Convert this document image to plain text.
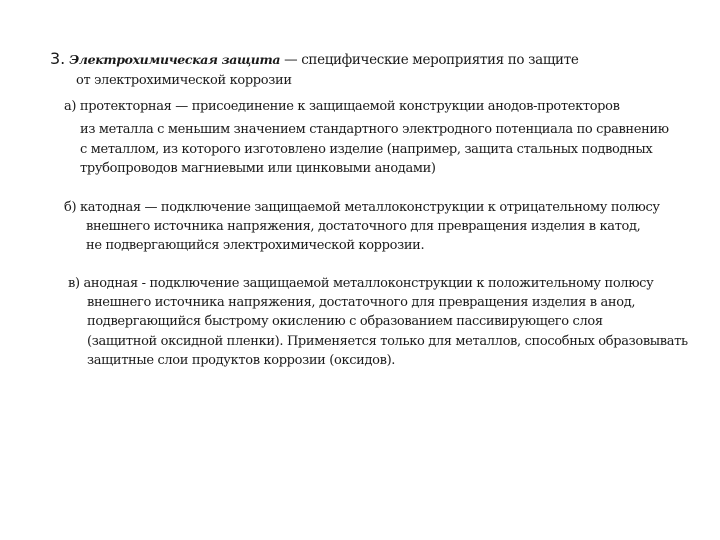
3. Электрохимическая защита — специфические мероприятия по защите
от электрохимической коррозии
а) протекторная — присоединение к защищаемой конструкции анодов-протекторов
из металла с меньшим значением стандартного электродного потенциала по сравнению
с металлом, из которого изготовлено изделие (например, защита стальных подводных
трубопроводов магниевыми или цинковыми анодами)
б) катодная — подключение защищаемой металлоконструкции к отрицательному полюсу
внешнего источника напряжения, достаточного для превращения изделия в катод,
не подвергающийся электрохимической коррозии.
в) анодная - подключение защищаемой металлоконструкции к положительному полюсу
внешнего источника напряжения, достаточного для превращения изделия в анод,
подвергающийся быстрому окислению с образованием пассивирующего слоя
(защитной оксидной пленки). Применяется только для металлов, способных образовывать
защитные слои продуктов коррозии (оксидов).
